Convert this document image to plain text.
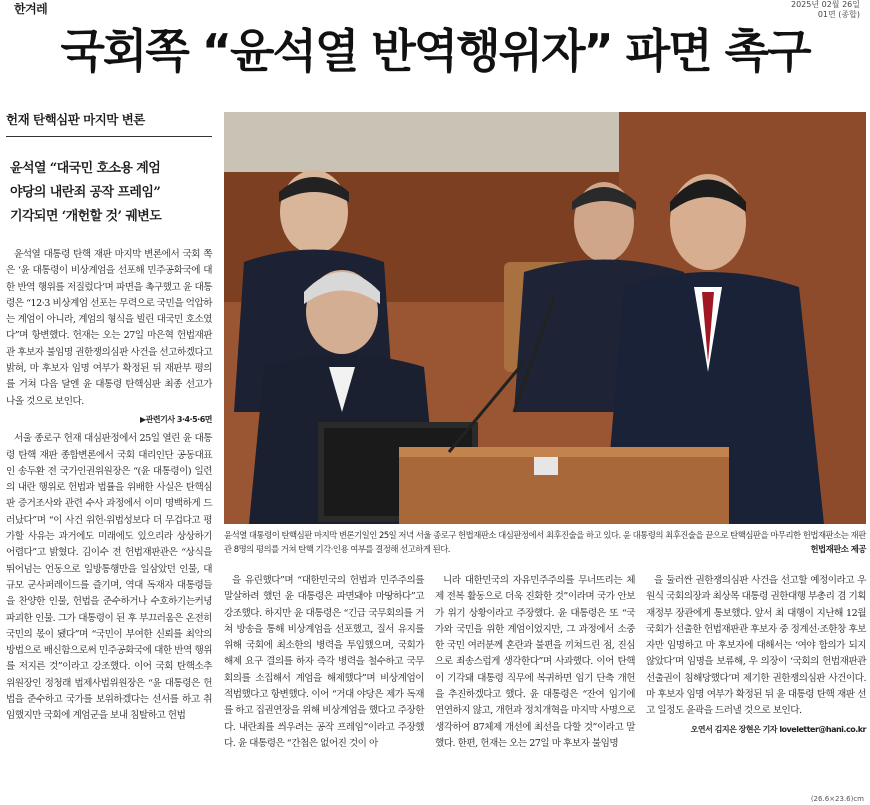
한겨레	2025년 02월 26일
01면 (종합)
국회쪽 “윤석열 반역행위자” 파면 촉구
헌재 탄핵심판 마지막 변론
윤석열 “대국민 호소용 계엄
야당의 내란죄 공작 프레임”
기각되면 ‘개헌할 것’ 궤변도

윤석열 대통령 탄핵 재판 마지막 변론에서 국회 쪽은 ‘윤 대통령이 비상계엄을 선포해 민주공화국에 대한 반역 행위를 저질렀다’며 파면을 촉구했고 윤 대통령은 “12·3 비상계엄 선포는 무력으로 국민을 억압하는 계엄이 아니라, 계엄의 형식을 빌린 대국민 호소였다”며 항변했다. 헌재는 오는 27일 마은혁 헌법재판관 후보자 불임명 권한쟁의심판 사건을 선고하겠다고 밝혀, 마 후보자 임명 여부가 확정된 뒤 재판부 평의를 거쳐 다음 달엔 윤 대통령 탄핵심판 최종 선고가 나올 것으로 보인다.

▶관련기사 3·4·5·6면

서울 종로구 헌재 대심판정에서 25일 열린 윤 대통령 탄핵 재판 종합변론에서 국회 대리인단 공동대표인 송두환 전 국가인권위원장은 “(윤 대통령이) 일련의 내란 행위로 헌법과 법률을 위배한 사실은 탄핵심판 증거조사와 관련 수사 과정에서 이미 명백하게 드러났다”며 “이 사건 위헌·위법성보다 더 무겁다고 평가할 사유는 과거에도 미래에도 있으리라 상상하기 어렵다”고 밝혔다. 김이수 전 헌법재판관은 “상식을 뛰어넘는 언동으로 일방통행만을 일삼았던 인물, 대규모 군사퍼레이드를 즐기며, 역대 독재자 대통령들을 찬양한 인물, 헌법을 준수하거나 수호하기는커녕 파괴한 인물. 그가 대통령이 된 후 부끄러움은 온전히 국민의 몫이 됐다”며 “국민이 부여한 신뢰를 최악의 방법으로 배신함으로써 민주공화국에 대한 반역 행위를 저지른 것”이라고 강조했다. 이어 국회 탄핵소추위원장인 정청래 법제사법위원장은 “윤 대통령은 헌법을 준수하고 국가를 보위하겠다는 선서를 하고 취임했지만 국회에 계엄군을 보내 침탈하고 헌법

윤석열 대통령이 탄핵심판 마지막 변론기일인 25일 저녁 서울 종로구 헌법재판소 대심판정에서 최후진술을 하고 있다. 윤 대통령의 최후진술을 끝으로 탄핵심판을 마무리한 헌법재판소는 재판관 8명의 평의를 거쳐 탄핵 기각·인용 여부를 결정해 선고하게 된다.	헌법재판소 제공

을 유린했다”며 “대한민국의 헌법과 민주주의를 말살하려 했던 윤 대통령은 파면돼야 마땅하다”고 강조했다. 하지만 윤 대통령은 “긴급 국무회의를 거쳐 방송을 통해 비상계엄을 선포했고, 질서 유지를 위해 국회에 최소한의 병력을 투입했으며, 국회가 해제 요구 결의를 하자 즉각 병력을 철수하고 국무회의를 소집해서 계엄을 해제했다”며 비상계엄이 적법했다고 항변했다. 이어 “거대 야당은 제가 독재를 하고 집권연장을 위해 비상계엄을 했다고 주장한다. 내란죄를 씌우려는 공작 프레임”이라고 주장했다. 윤 대통령은 “간첩은 없어진 것이 아

니라 대한민국의 자유민주주의를 무너뜨리는 체제 전복 활동으로 더욱 진화한 것”이라며 국가 안보가 위기 상황이라고 주장했다. 윤 대통령은 또 “국가와 국민을 위한 계엄이었지만, 그 과정에서 소중한 국민 여러분께 혼란과 불편을 끼쳐드린 점, 진심으로 죄송스럽게 생각한다”며 사과했다. 이어 탄핵이 기각돼 대통령 직무에 복귀하면 임기 단축 개헌을 추진하겠다고 했다. 윤 대통령은 “잔여 임기에 연연하지 않고, 개헌과 정치개혁을 마지막 사명으로 생각하여 87체제 개선에 최선을 다할 것”이라고 말했다. 한편, 헌재는 오는 27일 마 후보자 불임명

을 둘러싼 권한쟁의심판 사건을 선고할 예정이라고 우원식 국회의장과 최상목 대통령 권한대행 부총리 겸 기획재정부 장관에게 통보했다. 앞서 최 대행이 지난해 12월 국회가 선출한 헌법재판관 후보자 중 정계선·조한창 후보자만 임명하고 마 후보자에 대해서는 ‘여야 합의가 되지 않았다’며 임명을 보류해, 우 의장이 ‘국회의 헌법재판관 선출권이 침해당했다’며 제기한 권한쟁의심판 사건이다. 마 후보자 임명 여부가 확정된 뒤 윤 대통령 탄핵 재판 선고 일정도 윤곽을 드러낼 것으로 보인다.

오연서 김지은 장현은 기자 loveletter@hani.co.kr
(26.6×23.6)cm
